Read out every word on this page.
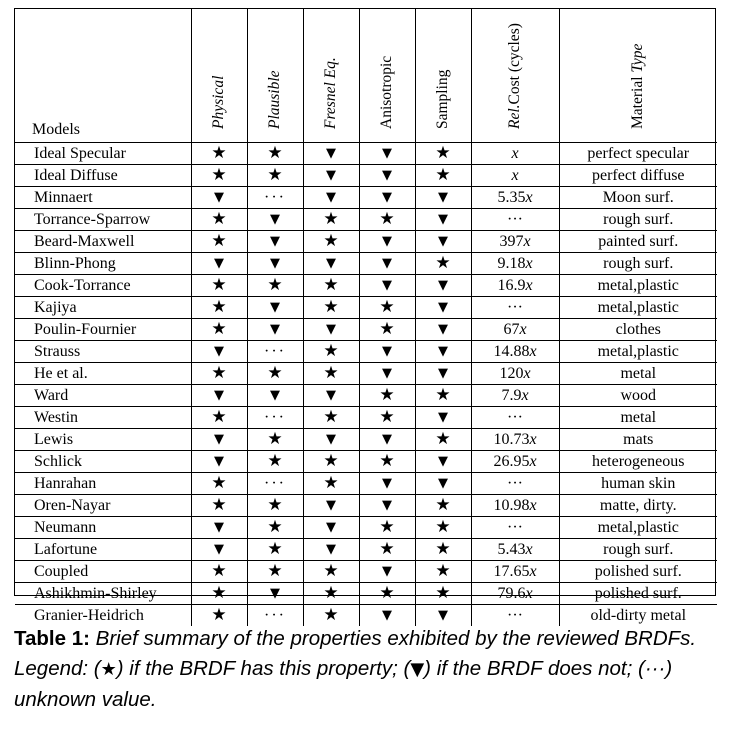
Models	Physical	Plausible	Fresnel Eq.	Anisotropic	Sampling	Rel.Cost (cycles)	Material Type

Ideal Specular	★	★	▼	▼	★	x	perfect specular
Ideal Diffuse	★	★	▼	▼	★	x	perfect diffuse
Minnaert	▼	···	▼	▼	▼	5.35x	Moon surf.
Torrance-Sparrow	★	▼	★	★	▼	···	rough surf.
Beard-Maxwell	★	▼	★	▼	▼	397x	painted surf.
Blinn-Phong	▼	▼	▼	▼	★	9.18x	rough surf.
Cook-Torrance	★	★	★	▼	▼	16.9x	metal,plastic
Kajiya	★	▼	★	★	▼	···	metal,plastic
Poulin-Fournier	★	▼	▼	★	▼	67x	clothes
Strauss	▼	···	★	▼	▼	14.88x	metal,plastic
He et al.	★	★	★	▼	▼	120x	metal
Ward	▼	▼	▼	★	★	7.9x	wood
Westin	★	···	★	★	▼	···	metal
Lewis	▼	★	▼	▼	★	10.73x	mats
Schlick	▼	★	★	★	▼	26.95x	heterogeneous
Hanrahan	★	···	★	▼	▼	···	human skin
Oren-Nayar	★	★	▼	▼	★	10.98x	matte, dirty.
Neumann	▼	★	▼	★	★	···	metal,plastic
Lafortune	▼	★	▼	★	★	5.43x	rough surf.
Coupled	★	★	★	▼	★	17.65x	polished surf.
Ashikhmin-Shirley	★	▼	★	★	★	79.6x	polished surf.
Granier-Heidrich	★	···	★	▼	▼	···	old-dirty metal
Table 1: Brief summary of the properties exhibited by the reviewed BRDFs. Legend: (★) if the BRDF has this property; (▼) if the BRDF does not; (···) unknown value.
